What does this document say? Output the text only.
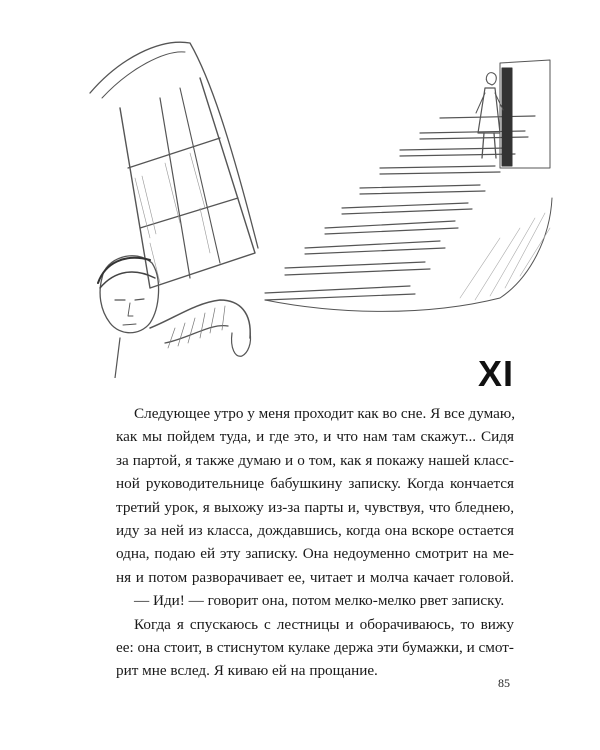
XI
Следующее утро у меня проходит как во сне. Я все думаю,
как мы пойдем туда, и где это, и что нам там скажут... Сидя
за партой, я также думаю и о том, как я покажу нашей класс-
ной руководительнице бабушкину записку. Когда кончается
третий урок, я выхожу из-за парты и, чувствуя, что бледнею,
иду за ней из класса, дождавшись, когда она вскоре остается
одна, подаю ей эту записку. Она недоуменно смотрит на ме-
ня и потом разворачивает ее, читает и молча качает головой.
— Иди! — говорит она, потом мелко-мелко рвет записку.
Когда я спускаюсь с лестницы и оборачиваюсь, то вижу
ее: она стоит, в стиснутом кулаке держа эти бумажки, и смот-
рит мне вслед. Я киваю ей на прощание.
85
